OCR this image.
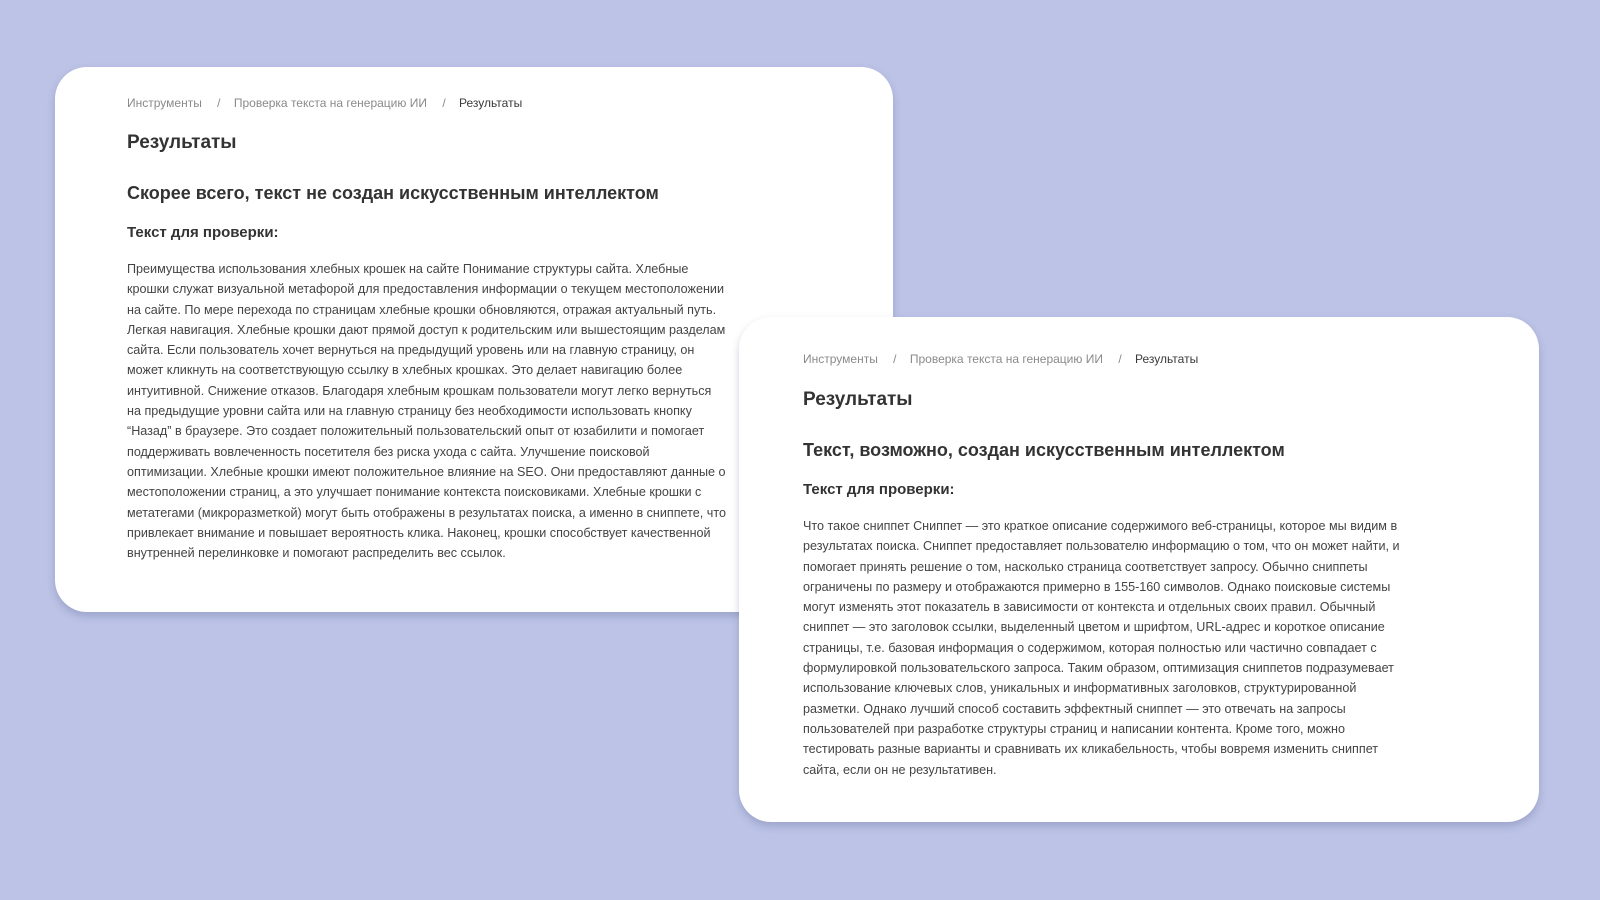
Инструменты / Проверка текста на генерацию ИИ / Результаты
Результаты
Скорее всего, текст не создан искусственным интеллектом
Текст для проверки:

Преимущества использования хлебных крошек на сайте Понимание структуры сайта. Хлебные крошки служат визуальной метафорой для предоставления информации о текущем местоположении на сайте. По мере перехода по страницам хлебные крошки обновляются, отражая актуальный путь. Легкая навигация. Хлебные крошки дают прямой доступ к родительским или вышестоящим разделам сайта. Если пользователь хочет вернуться на предыдущий уровень или на главную страницу, он может кликнуть на соответствующую ссылку в хлебных крошках. Это делает навигацию более интуитивной. Снижение отказов. Благодаря хлебным крошкам пользователи могут легко вернуться на предыдущие уровни сайта или на главную страницу без необходимости использовать кнопку “Назад” в браузере. Это создает положительный пользовательский опыт от юзабилити и помогает поддерживать вовлеченность посетителя без риска ухода с сайта. Улучшение поисковой оптимизации. Хлебные крошки имеют положительное влияние на SEO. Они предоставляют данные о местоположении страниц, а это улучшает понимание контекста поисковиками. Хлебные крошки с метатегами (микроразметкой) могут быть отображены в результатах поиска, а именно в сниппете, что привлекает внимание и повышает вероятность клика. Наконец, крошки способствует качественной внутренней перелинковке и помогают распределить вес ссылок.

Инструменты / Проверка текста на генерацию ИИ / Результаты
Результаты
Текст, возможно, создан искусственным интеллектом
Текст для проверки:

Что такое сниппет Сниппет — это краткое описание содержимого веб-страницы, которое мы видим в результатах поиска. Сниппет предоставляет пользователю информацию о том, что он может найти, и помогает принять решение о том, насколько страница соответствует запросу. Обычно сниппеты ограничены по размеру и отображаются примерно в 155-160 символов. Однако поисковые системы могут изменять этот показатель в зависимости от контекста и отдельных своих правил. Обычный сниппет — это заголовок ссылки, выделенный цветом и шрифтом, URL-адрес и короткое описание страницы, т.е. базовая информация о содержимом, которая полностью или частично совпадает с формулировкой пользовательского запроса. Таким образом, оптимизация сниппетов подразумевает использование ключевых слов, уникальных и информативных заголовков, структурированной разметки. Однако лучший способ составить эффектный сниппет — это отвечать на запросы пользователей при разработке структуры страниц и написании контента. Кроме того, можно тестировать разные варианты и сравнивать их кликабельность, чтобы вовремя изменить сниппет сайта, если он не результативен.
